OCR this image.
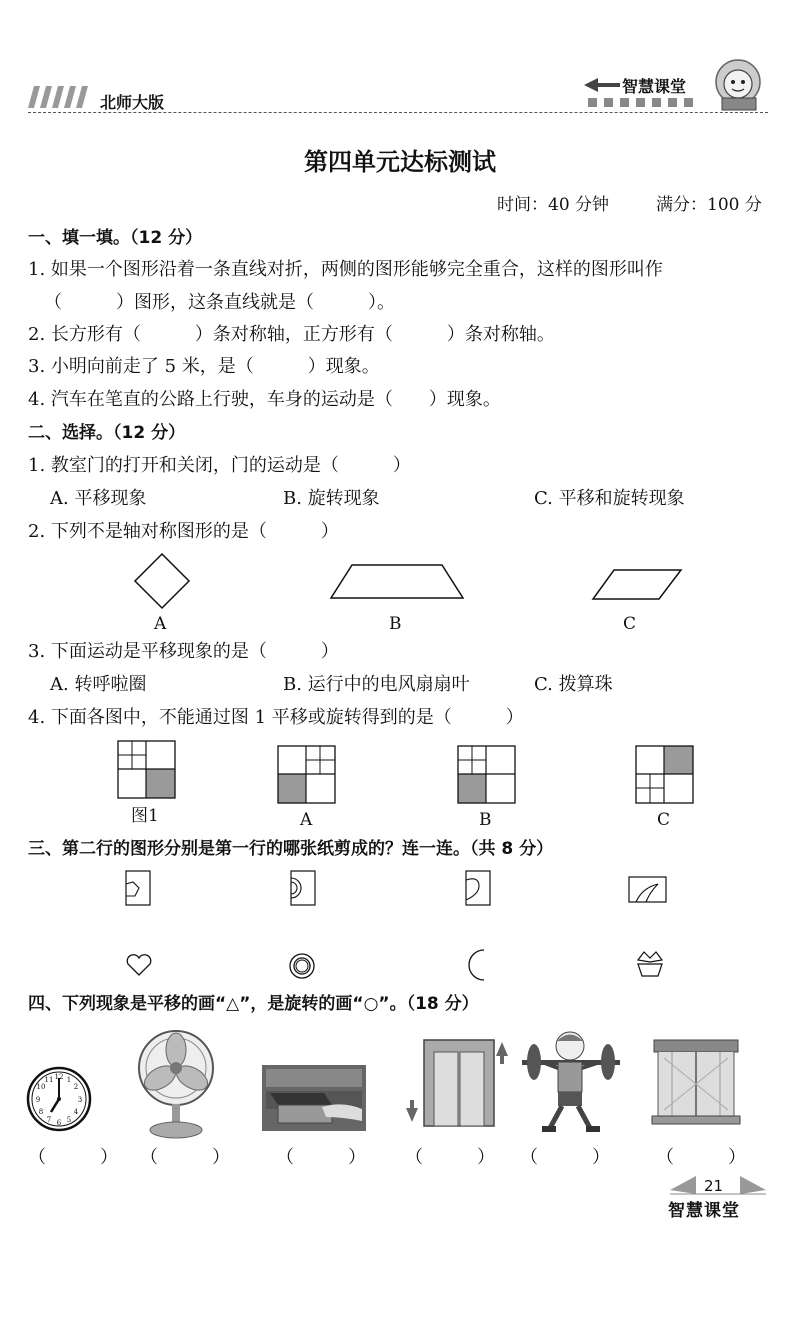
北师大版
智慧课堂
第四单元达标测试
时间：40 分钟	满分：100 分
一、填一填。（12 分）
1. 如果一个图形沿着一条直线对折，两侧的图形能够完全重合，这样的图形叫作
（　　　）图形，这条直线就是（　　　）。
2. 长方形有（　　　）条对称轴，正方形有（　　　）条对称轴。
3. 小明向前走了 5 米，是（　　　）现象。
4. 汽车在笔直的公路上行驶，车身的运动是（　　）现象。
二、选择。（12 分）
1. 教室门的打开和关闭，门的运动是（　　　）
A. 平移现象	B. 旋转现象	C. 平移和旋转现象
2. 下列不是轴对称图形的是（　　　）
A	B	C
3. 下面运动是平移现象的是（　　　）
A. 转呼啦圈	B. 运行中的电风扇扇叶	C. 拨算珠
4. 下面各图中，不能通过图 1 平移或旋转得到的是（　　　）
图1	A	B	C
三、第二行的图形分别是第一行的哪张纸剪成的？连一连。（共 8 分）
四、下列现象是平移的画“△”，是旋转的画“○”。（18 分）
12 1
2
3
4
5
6
7
8
9
10
11
（　　　） （　　　）	（　　　） （　　　） （　　　）	（　　　）
21
智慧课堂
